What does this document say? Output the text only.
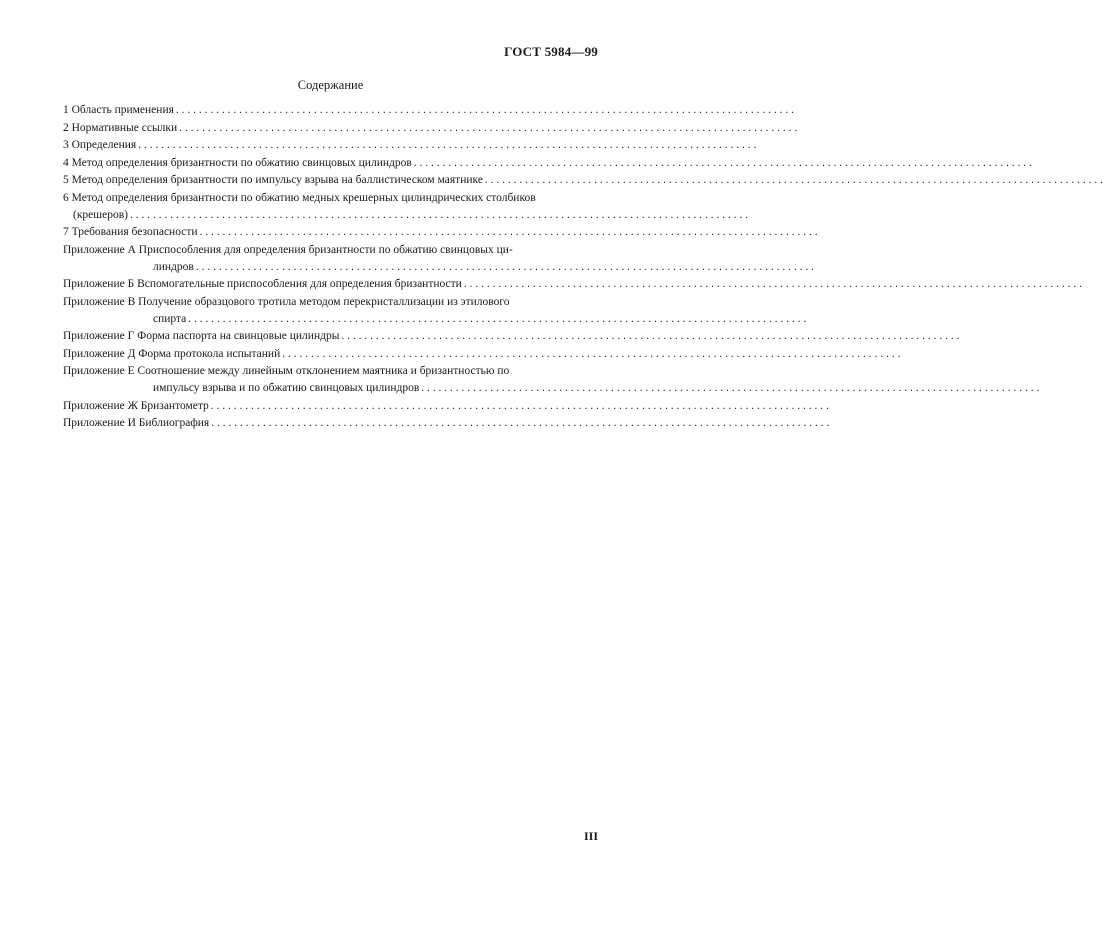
ГОСТ 5984—99
Содержание
1 Область применения
. . .
2 Нормативные ссылки
. . .
3 Определения
. . .
4 Метод определения бризантности по обжатию свинцовых цилиндров
. . .
5 Метод определения бризантности по импульсу взрыва на баллистическом маятнике
. . .
6 Метод определения бризантности по обжатию медных крешерных цилиндрических столбиков
(крешеров)
. . .
7 Требования безопасности
. . .
Приложение А Приспособления для определения бризантности по обжатию свинцовых ци-
линдров
. . .
Приложение Б Вспомогательные приспособления для определения бризантности
. . .
Приложение В Получение образцового тротила методом перекристаллизации из этилового
спирта
. . .
Приложение Г Форма паспорта на свинцовые цилиндры
. . .
Приложение Д Форма протокола испытаний
. . .
Приложение Е Соотношение между линейным отклонением маятника и бризантностью по
импульсу взрыва и по обжатию свинцовых цилиндров
. . .
Приложение Ж Бризантометр
. . .
Приложение И Библиография
. . .
III
